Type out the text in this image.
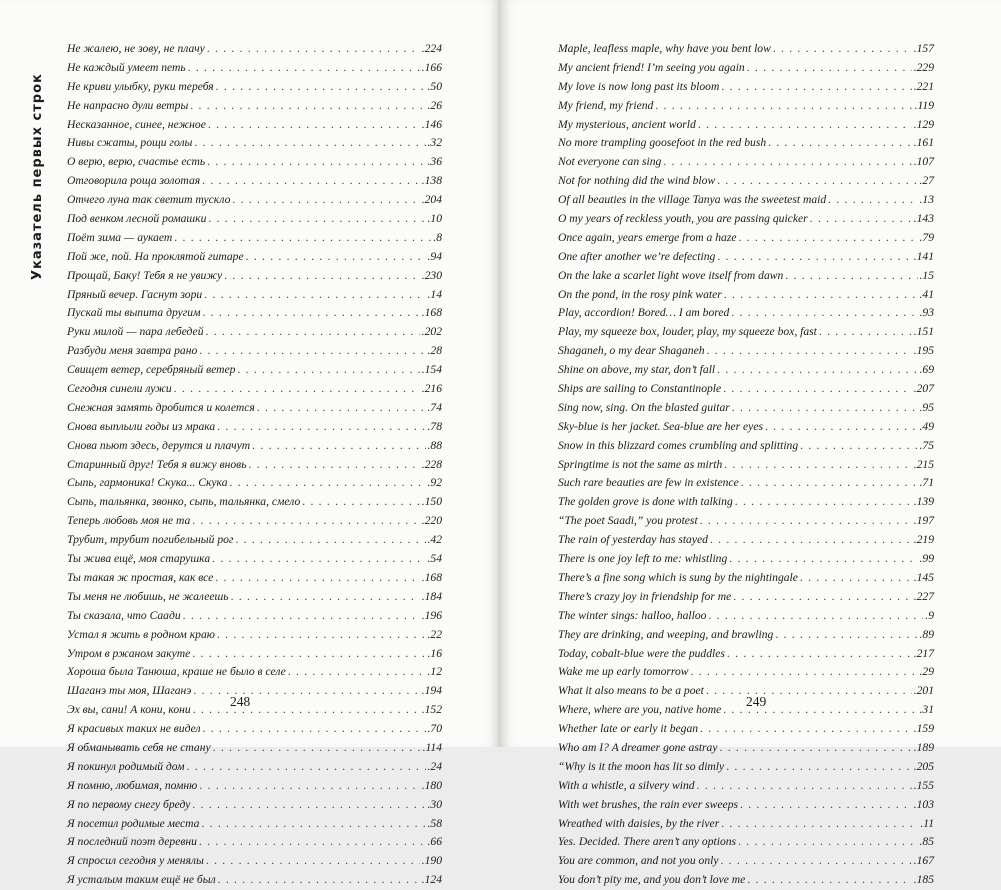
Указатель первых строк
Не жалею, не зову, не плачу . . .	.224
Не каждый умеет петь . . .	.166
Не криви улыбку, руки теребя . . .	.50
Не напрасно дули ветры . . .	.26
Несказанное, синее, нежное . . .	.146
Нивы сжаты, рощи голы . . .	.32
О верю, верю, счастье есть . . .	.36
Отговорила роща золотая . . .	.138
Отчего луна так светит тускло . . .	.204
Под венком лесной ромашки . . .	.10
Поёт зима — аукает . . .	.8
Пой же, пой. На проклятой гитаре . . .	.94
Прощай, Баку! Тебя я не увижу . . .	.230
Пряный вечер. Гаснут зори . . .	.14
Пускай ты выпита другим . . .	.168
Руки милой — пара лебедей . . .	.202
Разбуди меня завтра рано . . .	.28
Свищет ветер, серебряный ветер . . .	.154
Сегодня синели лужи . . .	.216
Снежная замять дробится и колется . . .	.74
Снова выплыли годы из мрака . . .	.78
Снова пьют здесь, дерутся и плачут . . .	.88
Старинный друг! Тебя я вижу вновь . . .	.228
Сыпь, гармоника! Скука... Скука . . .	.92
Сыпь, тальянка, звонко, сыпь, тальянка, смело . . .	.150
Теперь любовь моя не та . . .	.220
Трубит, трубит погибельный рог . . .	.42
Ты жива ещё, моя старушка . . .	.54
Ты такая ж простая, как все . . .	.168
Ты меня не любишь, не жалеешь . . .	.184
Ты сказала, что Саади . . .	.196
Устал я жить в родном краю . . .	.22
Утром в ржаном закуте . . .	.16
Хороша была Танюша, краше не было в селе . . .	.12
Шаганэ ты моя, Шаганэ . . .	.194
Эх вы, сани! А кони, кони . . .	.152
Я красивых таких не видел . . .	.70
Я обманывать себя не стану . . .	.114
Я покинул родимый дом . . .	.24
Я помню, любимая, помню . . .	.180
Я по первому снегу бреду . . .	.30
Я посетил родимые места . . .	.58
Я последний поэт деревни . . .	.66
Я спросил сегодня у менялы . . .	.190
Я усталым таким ещё не был . . .	.124
248
Maple, leafless maple, why have you bent low . . .	.157
My ancient friend! I’m seeing you again . . .	.229
My love is now long past its bloom . . .	.221
My friend, my friend . . .	.119
My mysterious, ancient world . . .	.129
No more trampling goosefoot in the red bush . . .	.161
Not everyone can sing . . .	.107
Not for nothing did the wind blow . . .	.27
Of all beauties in the village Tanya was the sweetest maid . . .	.13
O my years of reckless youth, you are passing quicker . . .	.143
Once again, years emerge from a haze . . .	.79
One after another we’re defecting . . .	.141
On the lake a scarlet light wove itself from dawn . . .	.15
On the pond, in the rosy pink water . . .	.41
Play, accordion! Bored… I am bored . . .	.93
Play, my squeeze box, louder, play, my squeeze box, fast . . .	.151
Shaganeh, o my dear Shaganeh . . .	.195
Shine on above, my star, don’t fall . . .	.69
Ships are sailing to Constantinople . . .	.207
Sing now, sing. On the blasted guitar . . .	.95
Sky-blue is her jacket. Sea-blue are her eyes . . .	.49
Snow in this blizzard comes crumbling and splitting . . .	.75
Springtime is not the same as mirth . . .	.215
Such rare beauties are few in existence . . .	.71
The golden grove is done with talking . . .	.139
“The poet Saadi,” you protest . . .	.197
The rain of yesterday has stayed . . .	.219
There is one joy left to me: whistling . . .	.99
There’s a fine song which is sung by the nightingale . . .	.145
There’s crazy joy in friendship for me . . .	.227
The winter sings: halloo, halloo . . .	.9
They are drinking, and weeping, and brawling . . .	.89
Today, cobalt-blue were the puddles . . .	.217
Wake me up early tomorrow . . .	.29
What it also means to be a poet . . .	.201
Where, where are you, native home . . .	.31
Whether late or early it began . . .	.159
Who am I? A dreamer gone astray . . .	.189
“Why is it the moon has lit so dimly . . .	.205
With a whistle, a silvery wind . . .	.155
With wet brushes, the rain ever sweeps . . .	.103
Wreathed with daisies, by the river . . .	.11
Yes. Decided. There aren’t any options . . .	.85
You are common, and not you only . . .	.167
You don’t pity me, and you don’t love me . . .	.185
249
